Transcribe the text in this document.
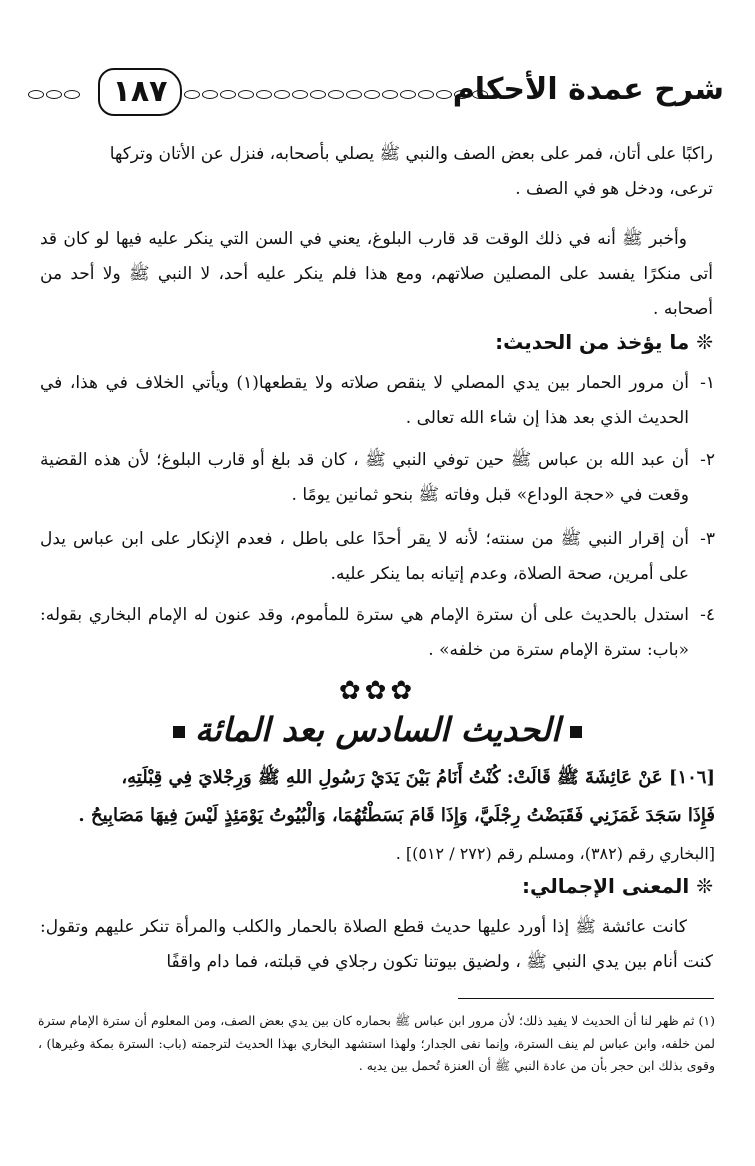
شرح عمدة الأحكام
١٨٧

راكبًا على أتان، فمر على بعض الصف والنبي ﷺ يصلي بأصحابه، فنزل عن الأتان وتركها

ترعى، ودخل هو في الصف .

وأخبر ﷺ أنه في ذلك الوقت قد قارب البلوغ، يعني في السن التي ينكر عليه فيها لو كان قد أتى منكرًا يفسد على المصلين صلاتهم، ومع هذا فلم ينكر عليه أحد، لا النبي ﷺ ولا أحد من أصحابه .

❊ ما يؤخذ من الحديث:
١-
أن مرور الحمار بين يدي المصلي لا ينقص صلاته ولا يقطعها(١) ويأتي الخلاف في هذا، في الحديث الذي بعد هذا إن شاء الله تعالى .
٢-
أن عبد الله بن عباس ﷺ حين توفي النبي ﷺ ، كان قد بلغ أو قارب البلوغ؛ لأن هذه القضية وقعت في «حجة الوداع» قبل وفاته ﷺ بنحو ثمانين يومًا .
٣-
أن إقرار النبي ﷺ من سنته؛ لأنه لا يقر أحدًا على باطل ، فعدم الإنكار على ابن عباس يدل على أمرين، صحة الصلاة، وعدم إتيانه بما ينكر عليه.
٤-
استدل بالحديث على أن سترة الإمام هي سترة للمأموم، وقد عنون له الإمام البخاري بقوله: «باب: سترة الإمام سترة من خلفه» .
✿✿✿
الحديث السادس بعد المائة
[١٠٦] عَنْ عَائِشَةَ ﷺ قَالَتْ: كُنْتُ أَنَامُ بَيْنَ يَدَيْ رَسُولِ اللهِ ﷺ وَرِجْلايَ فِي قِبْلَتِهِ،
فَإِذَا سَجَدَ غَمَزَنِي فَقَبَضْتُ رِجْلَيَّ، وَإِذَا قَامَ بَسَطْتُهُمَا، وَالْبُيُوتُ يَوْمَئِذٍ لَيْسَ فِيهَا مَصَابِيحُ .
[البخاري رقم (٣٨٢)، ومسلم رقم (٢٧٢ / ٥١٢)] .
❊ المعنى الإجمالي:

كانت عائشة ﷺ إذا أورد عليها حديث قطع الصلاة بالحمار والكلب والمرأة تنكر عليهم وتقول: كنت أنام بين يدي النبي ﷺ ، ولضيق بيوتنا تكون رجلاي في قبلته، فما دام واقفًا

(١) ثم ظهر لنا أن الحديث لا يفيد ذلك؛ لأن مرور ابن عباس ﷺ بحماره كان بين يدي بعض الصف، ومن المعلوم أن سترة الإمام سترة لمن خلفه، وابن عباس لم ينف السترة، وإنما نفى الجدار؛ ولهذا استشهد البخاري بهذا الحديث لترجمته (باب: السترة بمكة وغيرها) ، وقوى بذلك ابن حجر بأن من عادة النبي ﷺ أن العنزة تُحمل بين يديه .
